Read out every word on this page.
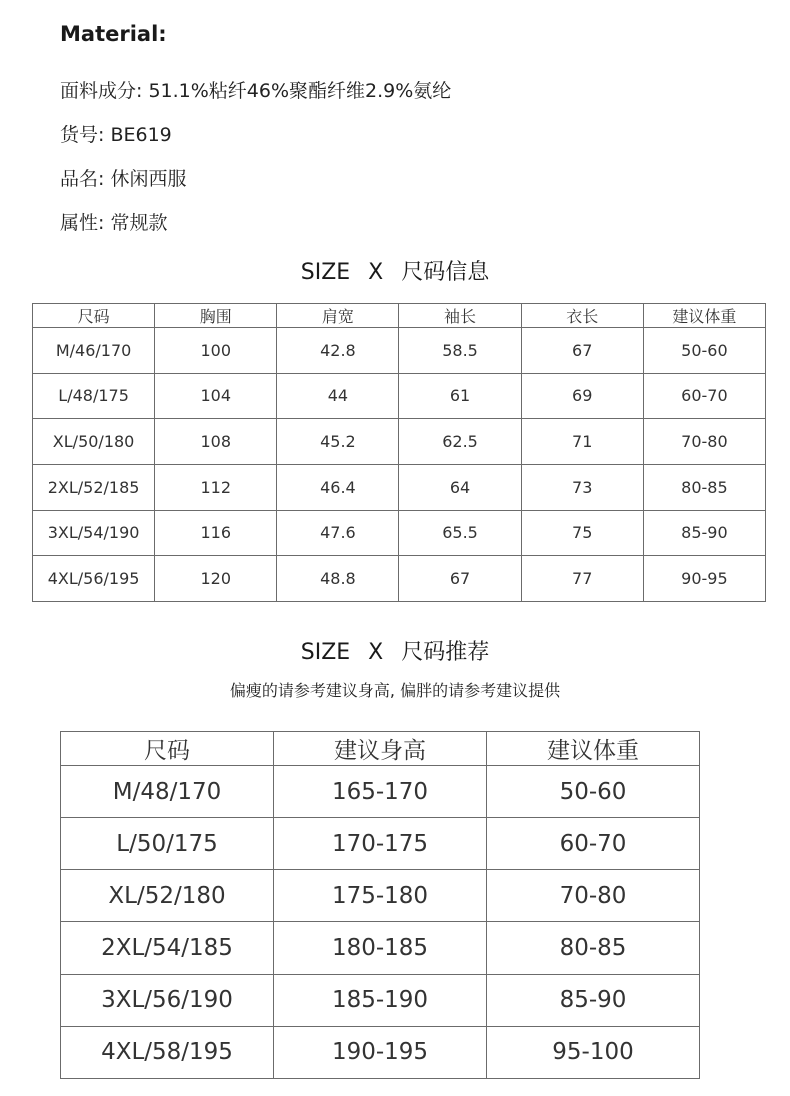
Material:
面料成分: 51.1%粘纤46%聚酯纤维2.9%氨纶
货号: BE619
品名: 休闲西服
属性: 常规款
SIZE X 尺码信息
尺码	胸围	肩宽	袖长	衣长	建议体重
M/46/170	100	42.8	58.5	67	50-60
L/48/175	104	44	61	69	60-70
XL/50/180	108	45.2	62.5	71	70-80
2XL/52/185	112	46.4	64	73	80-85
3XL/54/190	116	47.6	65.5	75	85-90
4XL/56/195	120	48.8	67	77	90-95
SIZE X 尺码推荐
偏瘦的请参考建议身高, 偏胖的请参考建议提供
尺码	建议身高	建议体重
M/48/170	165-170	50-60
L/50/175	170-175	60-70
XL/52/180	175-180	70-80
2XL/54/185	180-185	80-85
3XL/56/190	185-190	85-90
4XL/58/195	190-195	95-100
